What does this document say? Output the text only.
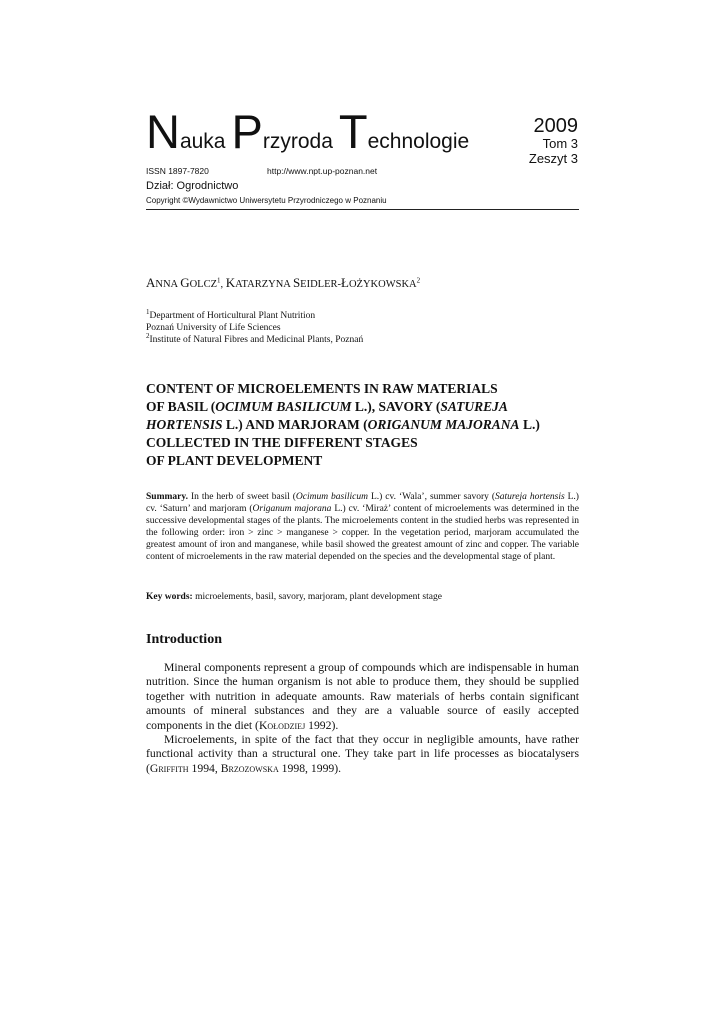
Nauka Przyroda Technologie
2009
Tom 3
Zeszyt 3
ISSN 1897-7820	http://www.npt.up-poznan.net
Dział: Ogrodnictwo
Copyright ©Wydawnictwo Uniwersytetu Przyrodniczego w Poznaniu
ANNA GOLCZ$^1$, KATARZYNA SEIDLER-ŁOŻYKOWSKA$^2$
$^1$Department of Horticultural Plant Nutrition
Poznań University of Life Sciences
$^2$Institute of Natural Fibres and Medicinal Plants, Poznań
CONTENT OF MICROELEMENTS IN RAW MATERIALS
OF BASIL (OCIMUM BASILICUM L.), SAVORY (SATUREJA
HORTENSIS L.) AND MARJORAM (ORIGANUM MAJORANA L.)
COLLECTED IN THE DIFFERENT STAGES
OF PLANT DEVELOPMENT
Summary. In the herb of sweet basil (Ocimum basilicum L.) cv. ‘Wala’, summer savory (Satureja hortensis L.) cv. ‘Saturn’ and marjoram (Origanum majorana L.) cv. ‘Miraż’ content of microelements was determined in the successive developmental stages of the plants. The microelements content in the studied herbs was represented in the following order: iron > zinc > manganese > copper. In the vegetation period, marjoram accumulated the greatest amount of iron and manganese, while basil showed the greatest amount of zinc and copper. The variable content of microelements in the raw material depended on the species and the developmental stage of plant.
Key words: microelements, basil, savory, marjoram, plant development stage
Introduction

Mineral components represent a group of compounds which are indispensable in human nutrition. Since the human organism is not able to produce them, they should be supplied together with nutrition in adequate amounts. Raw materials of herbs contain significant amounts of mineral substances and they are a valuable source of easily accepted components in the diet (Kołodziej 1992).

Microelements, in spite of the fact that they occur in negligible amounts, have rather functional activity than a structural one. They take part in life processes as biocatalysers (Griffith 1994, Brzozowska 1998, 1999).
